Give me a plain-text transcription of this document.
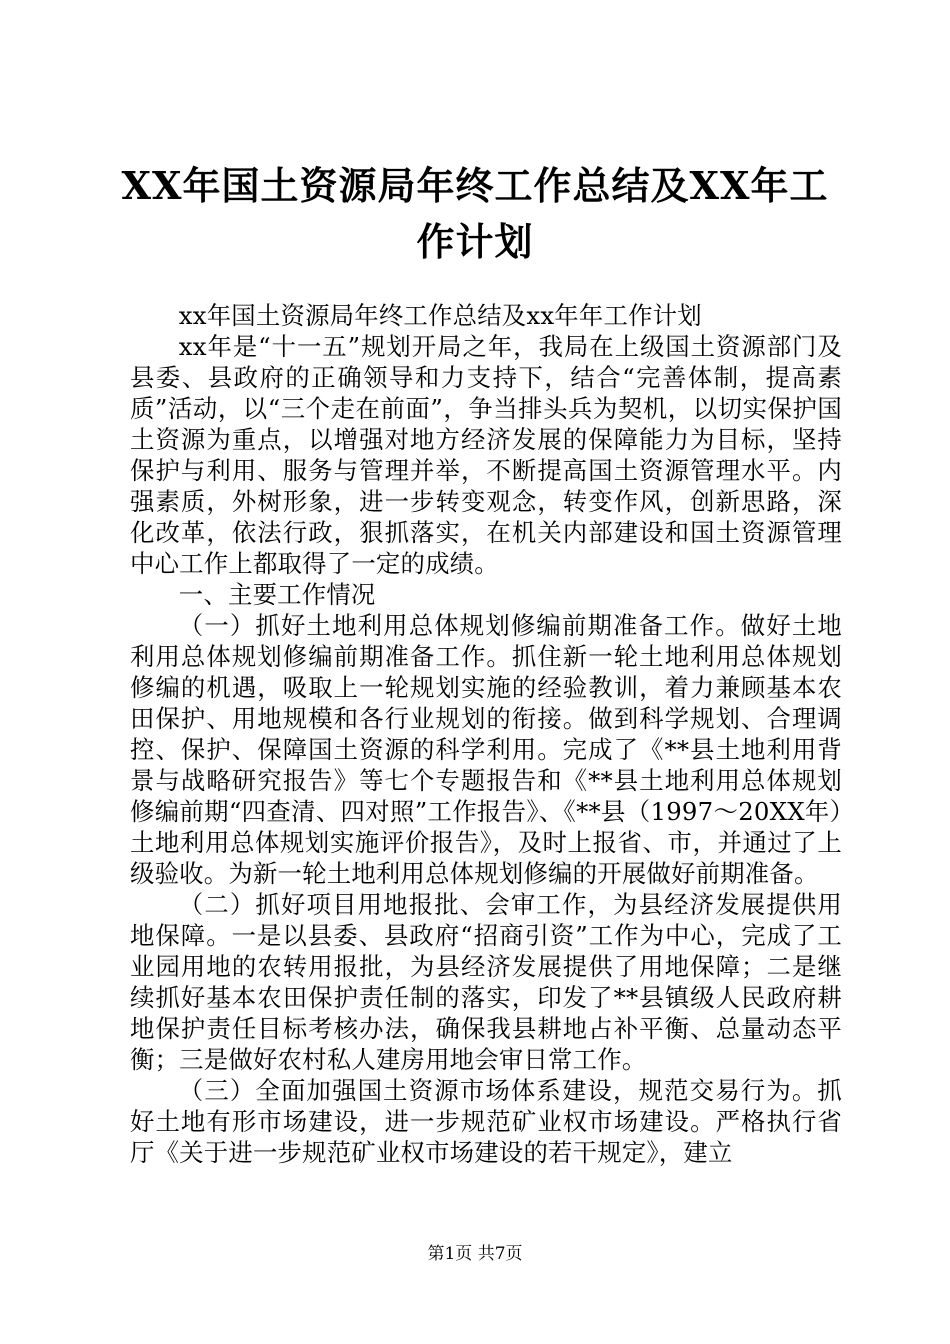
XX年国土资源局年终工作总结及XX年工作计划

xx年国土资源局年终工作总结及xx年年工作计划

xx年是“十一五”规划开局之年，我局在上级国土资源部门及县委、县政府的正确领导和力支持下，结合“完善体制，提高素质”活动，以“三个走在前面”，争当排头兵为契机，以切实保护国土资源为重点，以增强对地方经济发展的保障能力为目标，坚持保护与利用、服务与管理并举，不断提高国土资源管理水平。内强素质，外树形象，进一步转变观念，转变作风，创新思路，深化改革，依法行政，狠抓落实，在机关内部建设和国土资源管理中心工作上都取得了一定的成绩。

一、主要工作情况

（一）抓好土地利用总体规划修编前期准备工作。做好土地利用总体规划修编前期准备工作。抓住新一轮土地利用总体规划修编的机遇，吸取上一轮规划实施的经验教训，着力兼顾基本农田保护、用地规模和各行业规划的衔接。做到科学规划、合理调控、保护、保障国土资源的科学利用。完成了《**县土地利用背景与战略研究报告》等七个专题报告和《**县土地利用总体规划修编前期“四查清、四对照”工作报告》、《**县（1997～20XX年）土地利用总体规划实施评价报告》，及时上报省、市，并通过了上级验收。为新一轮土地利用总体规划修编的开展做好前期准备。

（二）抓好项目用地报批、会审工作，为县经济发展提供用地保障。一是以县委、县政府“招商引资”工作为中心，完成了工业园用地的农转用报批，为县经济发展提供了用地保障；二是继续抓好基本农田保护责任制的落实，印发了**县镇级人民政府耕地保护责任目标考核办法，确保我县耕地占补平衡、总量动态平衡；三是做好农村私人建房用地会审日常工作。

（三）全面加强国土资源市场体系建设，规范交易行为。抓好土地有形市场建设，进一步规范矿业权市场建设。严格执行省厅《关于进一步规范矿业权市场建设的若干规定》，建立

第1页 共7页
